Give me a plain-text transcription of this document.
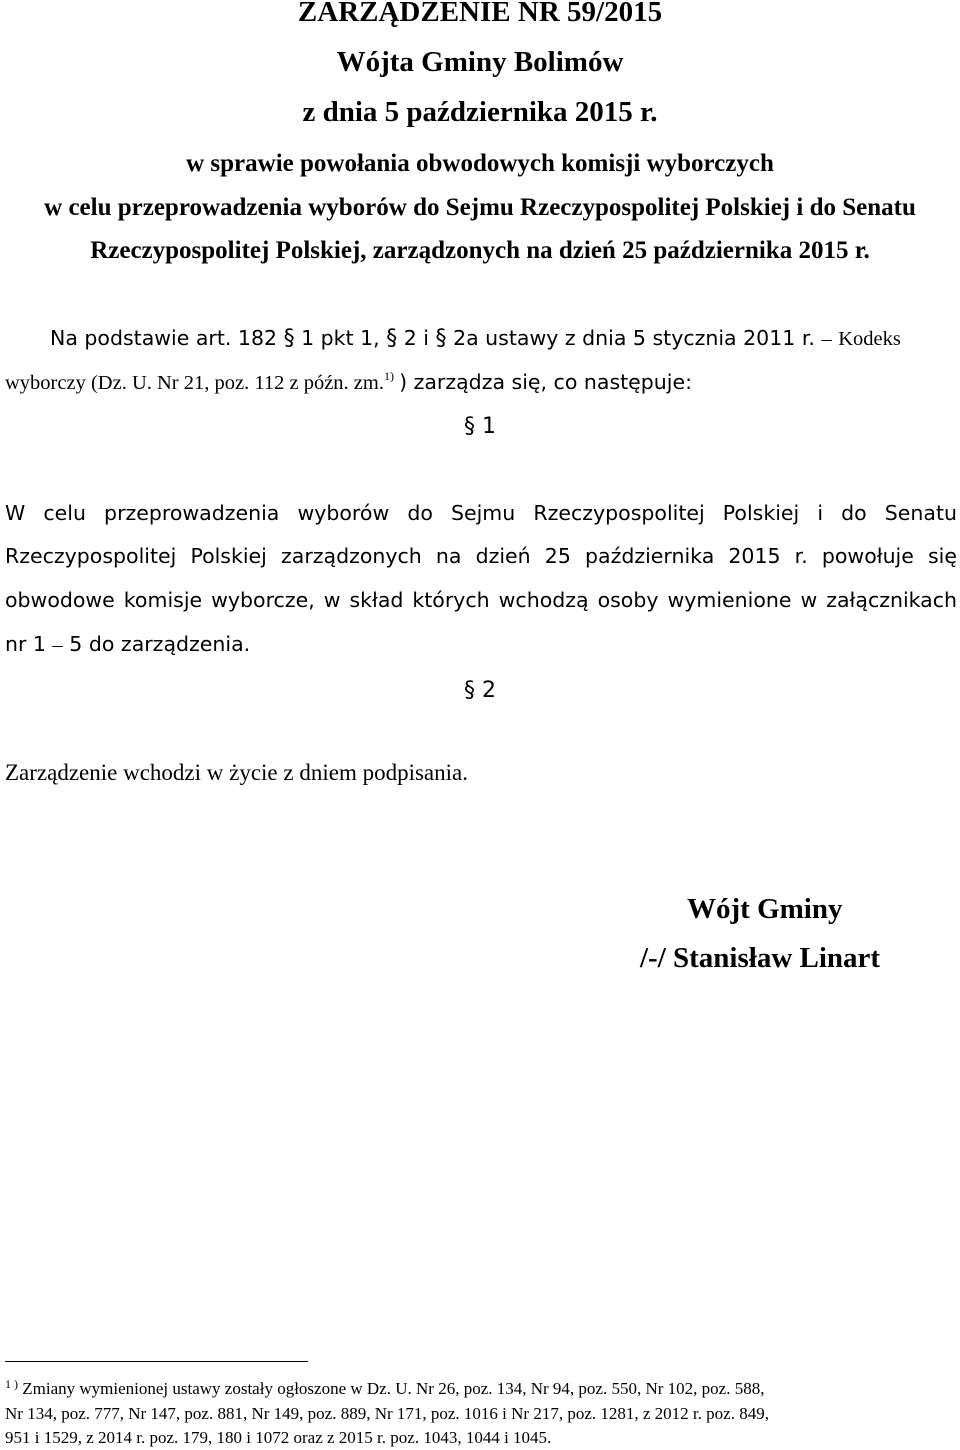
ZARZĄDZENIE NR 59/2015
Wójta Gminy Bolimów
z dnia 5 października 2015 r.
w sprawie powołania obwodowych komisji wyborczych
w celu przeprowadzenia wyborów do Sejmu Rzeczypospolitej Polskiej i do Senatu
Rzeczypospolitej Polskiej, zarządzonych na dzień 25 października 2015 r.
Na podstawie art. 182 § 1 pkt 1, § 2 i § 2a ustawy z dnia 5 stycznia 2011 r. – Kodeks
wyborczy (Dz. U. Nr 21, poz. 112 z późn. zm.$^{1)}$ ) zarządza się, co następuje:
§ 1
W celu przeprowadzenia wyborów do Sejmu Rzeczypospolitej Polskiej i do Senatu
Rzeczypospolitej Polskiej zarządzonych na dzień 25 października 2015 r. powołuje się
obwodowe komisje wyborcze, w skład których wchodzą osoby wymienione w załącznikach
nr 1 – 5 do zarządzenia.
§ 2
Zarządzenie wchodzi w życie z dniem podpisania.
Wójt Gminy
/-/ Stanisław Linart
$^{1 )}$ Zmiany wymienionej ustawy zostały ogłoszone w Dz. U. Nr 26, poz. 134, Nr 94, poz. 550, Nr 102, poz. 588,
Nr 134, poz. 777, Nr 147, poz. 881, Nr 149, poz. 889, Nr 171, poz. 1016 i Nr 217, poz. 1281, z 2012 r. poz. 849,
951 i 1529, z 2014 r. poz. 179, 180 i 1072 oraz z 2015 r. poz. 1043, 1044 i 1045.
